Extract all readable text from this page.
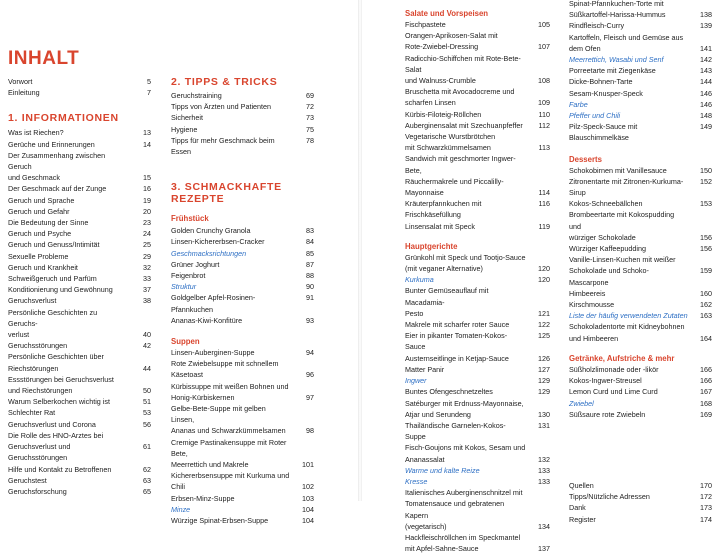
INHALT
Vorwort	5
Einleitung	7
1. INFORMATIONEN
Was ist Riechen?	13
Gerüche und Erinnerungen	14
Der Zusammenhang zwischen Geruch
und Geschmack	15
Der Geschmack auf der Zunge	16
Geruch und Sprache	19
Geruch und Gefahr	20
Die Bedeutung der Sinne	23
Geruch und Psyche	24
Geruch und Genuss/Intimität	25
Sexuelle Probleme	29
Geruch und Krankheit	32
Schweißgeruch und Parfüm	33
Konditionierung und Gewöhnung	37
Geruchsverlust	38
Persönliche Geschichten zu Geruchs-
verlust	40
Geruchsstörungen	42
Persönliche Geschichten über
Riechstörungen	44
Essstörungen bei Geruchsverlust
und Riechstörungen	50
Warum Selberkochen wichtig ist	51
Schlechter Rat	53
Geruchsverlust und Corona	56
Die Rolle des HNO-Arztes bei
Geruchsverlust und Geruchsstörungen
61
Hilfe und Kontakt zu Betroffenen	62
Geruchstest	63
Geruchsforschung	65
2. TIPPS & TRICKS
Geruchstraining	69
Tipps von Ärzten und Patienten	72
Sicherheit	73
Hygiene	75
Tipps für mehr Geschmack beim Essen
78
3. SCHMACKHAFTE REZEPTE
Frühstück
Golden Crunchy Granola	83
Linsen-Kichererbsen-Cracker	84
Geschmacksrichtungen	85
Grüner Joghurt	87
Feigenbrot	88
Struktur	90
Goldgelber Apfel-Rosinen-Pfannkuchen
91
Ananas-Kiwi-Konfitüre	93
Suppen
Linsen-Auberginen-Suppe	94
Rote Zwiebelsuppe mit schnellem
Käsetoast	96
Kürbissuppe mit weißen Bohnen und
Honig-Kürbiskernen	97
Gelbe-Bete-Suppe mit gelben Linsen,
Ananas und Schwarzkümmelsamen	98
Cremige Pastinakensuppe mit Roter Bete,
Meerrettich und Makrele	101
Kichererbsensuppe mit Kurkuma und
Chili	102
Erbsen-Minz-Suppe	103
Minze	104
Würzige Spinat-Erbsen-Suppe	104
Salate und Vorspeisen
Fischpastete	105
Orangen-Aprikosen-Salat mit
Rote-Zwiebel-Dressing	107
Radicchio-Schiffchen mit Rote-Bete-Salat
und Walnuss-Crumble	108
Bruschetta mit Avocadocreme und
scharfen Linsen	109
Kürbis-Filoteig-Röllchen	110
Auberginensalat mit Szechuanpfeffer	112
Vegetarische Wurstbrötchen
mit Schwarzkümmelsamen	113
Sandwich mit geschmorter Ingwer-Bete,
Räuchermakrele und Piccalilly-
Mayonnaise	114
Kräuterpfannkuchen mit Frischkäsefüllung
116
Linsensalat mit Speck	119
Hauptgerichte
Grünkohl mit Speck und Tootjo-Sauce
(mit veganer Alternative)	120
Kurkuma	120
Bunter Gemüseauflauf mit Macadamia-
Pesto	121
Makrele mit scharfer roter Sauce	122
Eier in pikanter Tomaten-Kokos-Sauce
125
Austernseitlinge in Ketjap-Sauce	126
Matter Panir	127
Ingwer	129
Buntes Ofengeschnetzeltes	129
Satéburger mit Erdnuss-Mayonnaise,
Atjar und Serundeng	130
Thailändische Garnelen-Kokos-Suppe
131
Fisch-Goujons mit Kokos, Sesam und
Ananassalat	132
Warme und kalte Reize	133
Kresse	133
Italienisches Auberginenschnitzel mit
Tomatensauce und gebratenen Kapern
(vegetarisch)	134
Hackfleischröllchen im Speckmantel
mit Apfel-Sahne-Sauce	137
Spinat-Pfannkuchen-Torte mit
Süßkartoffel-Harissa-Hummus	138
Rindfleisch-Curry	139
Kartoffeln, Fleisch und Gemüse aus
dem Ofen	141
Meerrettich, Wasabi und Senf	142
Porreetarte mit Ziegenkäse	143
Dicke-Bohnen-Tarte	144
Sesam-Knusper-Speck	146
Farbe	146
Pfeffer und Chili	148
Pilz-Speck-Sauce mit Blauschimmelkäse
149
Desserts
Schokobirnen mit Vanillesauce	150
Zitronentarte mit Zitronen-Kurkuma-Sirup
152
Kokos-Schneebällchen	153
Brombeertarte mit Kokospudding und
würziger Schokolade	156
Würziger Kaffeepudding	156
Vanille-Linsen-Kuchen mit weißer
Schokolade und Schoko-Mascarpone
159
Himbeereis	160
Kirschmousse	162
Liste der häufig verwendeten Zutaten	163
Schokoladentorte mit Kidneybohnen
und Himbeeren	164
Getränke, Aufstriche & mehr
Süßholzlimonade oder -likör	166
Kokos-Ingwer-Streusel	166
Lemon Curd und Lime Curd	167
Zwiebel	168
Süßsaure rote Zwiebeln	169
Quellen	170
Tipps/Nützliche Adressen	172
Dank	173
Register	174
